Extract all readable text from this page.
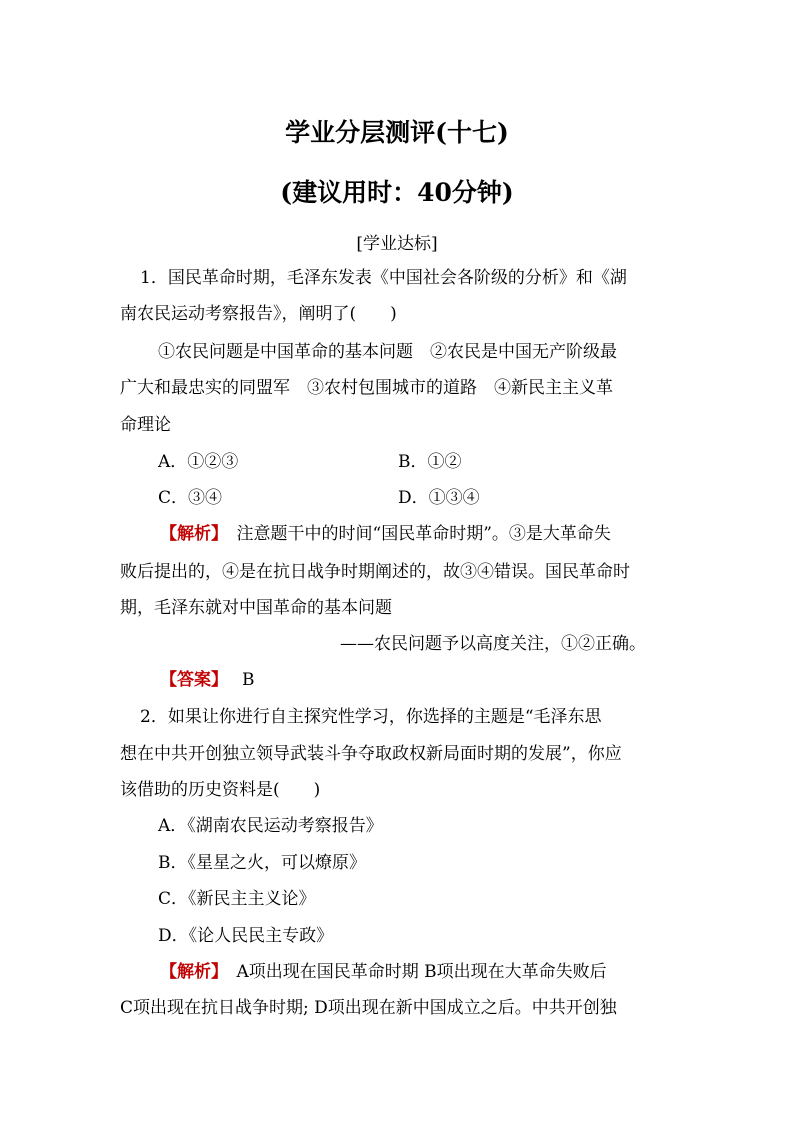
学业分层测评(十七)
(建议用时：40分钟)

[学业达标]

1．国民革命时期，毛泽东发表《中国社会各阶级的分析》和《湖

南农民运动考察报告》，阐明了(　　)

①农民问题是中国革命的基本问题　②农民是中国无产阶级最

广大和最忠实的同盟军　③农村包围城市的道路　④新民主主义革

命理论

A．①②③	B．①②

C．③④	D．①③④

【解析】　注意题干中的时间“国民革命时期”。③是大革命失

败后提出的，④是在抗日战争时期阐述的，故③④错误。国民革命时

期，毛泽东就对中国革命的基本问题

——农民问题予以高度关注，①②正确。

【答案】 B

2．如果让你进行自主探究性学习，你选择的主题是“毛泽东思

想在中共开创独立领导武装斗争夺取政权新局面时期的发展”，你应

该借助的历史资料是(　　)

A．《湖南农民运动考察报告》

B．《星星之火，可以燎原》

C．《新民主主义论》

D．《论人民民主专政》

【解析】　A项出现在国民革命时期 B项出现在大革命失败后

C项出现在抗日战争时期; D项出现在新中国成立之后。中共开创独
